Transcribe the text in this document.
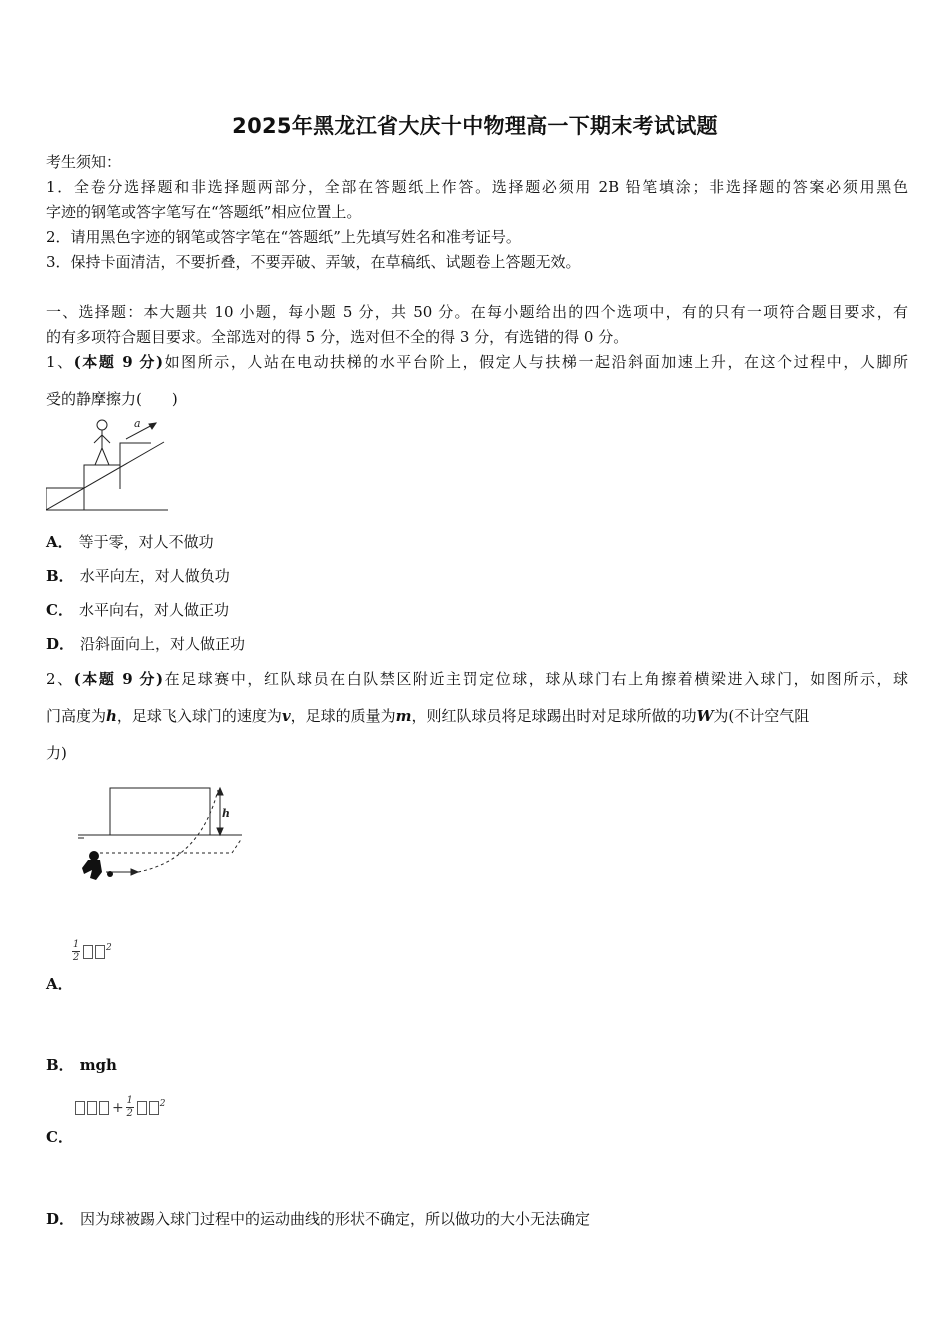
2025年黑龙江省大庆十中物理高一下期末考试试题
考生须知：
1．全卷分选择题和非选择题两部分，全部在答题纸上作答。选择题必须用 2B 铅笔填涂；非选择题的答案必须用黑色
字迹的钢笔或答字笔写在“答题纸”相应位置上。
2．请用黑色字迹的钢笔或答字笔在“答题纸”上先填写姓名和准考证号。
3．保持卡面清洁，不要折叠，不要弄破、弄皱，在草稿纸、试题卷上答题无效。
一、选择题：本大题共 10 小题，每小题 5 分，共 50 分。在每小题给出的四个选项中，有的只有一项符合题目要求，有
的有多项符合题目要求。全部选对的得 5 分，选对但不全的得 3 分，有选错的得 0 分。
1、(本题 9 分)如图所示，人站在电动扶梯的水平台阶上，假定人与扶梯一起沿斜面加速上升，在这个过程中，人脚所
受的静摩擦力(　　)
a
A． 等于零，对人不做功
B． 水平向左，对人做负功
C． 水平向右，对人做正功
D． 沿斜面向上，对人做正功
2、(本题 9 分)在足球赛中，红队球员在白队禁区附近主罚定位球，球从球门右上角擦着横梁进入球门，如图所示，球
门高度为h，足球飞入球门的速度为v，足球的质量为m，则红队球员将足球踢出时对足球所做的功W为(不计空气阻
力)
h
$\frac{1}{2}$	$^2$
A．
B． mgh
+ $\frac{1}{2}$	$^2$
C．
D． 因为球被踢入球门过程中的运动曲线的形状不确定，所以做功的大小无法确定
